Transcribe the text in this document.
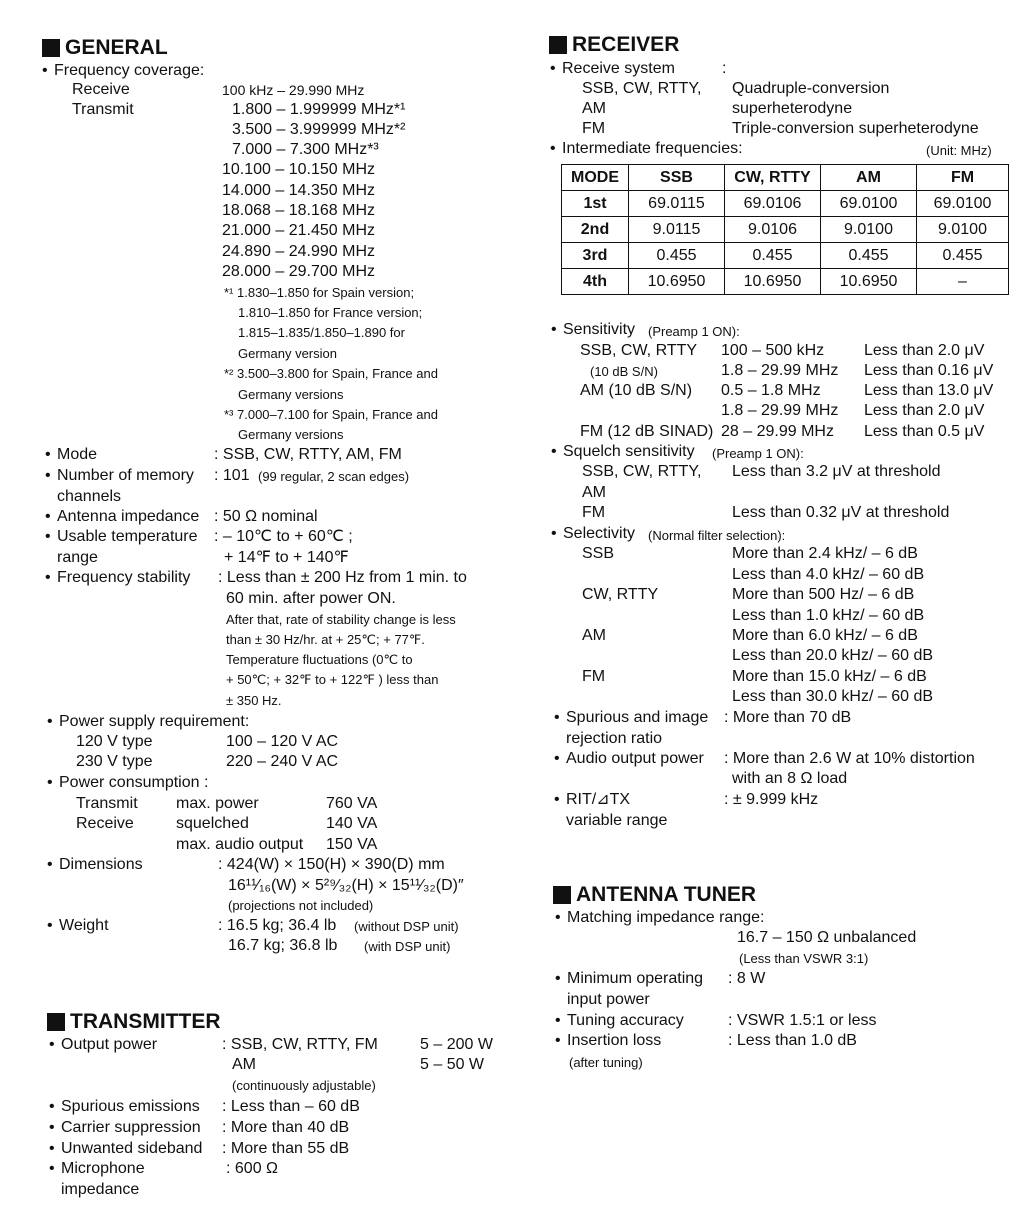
GENERAL
• Frequency coverage:
Receive	100 kHz – 29.990 MHz
Transmit	1.800 – 1.999999 MHz*¹
3.500 – 3.999999 MHz*²
7.000 – 7.300 MHz*³
10.100 – 10.150 MHz
14.000 – 14.350 MHz
18.068 – 18.168 MHz
21.000 – 21.450 MHz
24.890 – 24.990 MHz
28.000 – 29.700 MHz
*¹ 1.830–1.850 for Spain version;
1.810–1.850 for France version;
1.815–1.835/1.850–1.890 for
Germany version
*² 3.500–3.800 for Spain, France and
Germany versions
*³ 7.000–7.100 for Spain, France and
Germany versions
• Mode	: SSB, CW, RTTY, AM, FM
• Number of memory
channels
: 101 (99 regular, 2 scan edges)
• Antenna impedance : 50 Ω nominal
• Usable temperature
range
: – 10℃ to + 60℃ ;
+ 14℉ to + 140℉
• Frequency stability : Less than ± 200 Hz from 1 min. to
60 min. after power ON.
After that, rate of stability change is less
than ± 30 Hz/hr. at + 25℃; + 77℉.
Temperature fluctuations (0℃ to
+ 50℃; + 32℉ to + 122℉ ) less than
± 350 Hz.
• Power supply requirement:
120 V type	100 – 120 V AC
230 V type	220 – 240 V AC
• Power consumption :
Transmit max. power	760 VA
Receive	squelched	140 VA
max. audio output 150 VA
• Dimensions	: 424(W) × 150(H) × 390(D) mm
16¹¹⁄₁₆(W) × 5²⁹⁄₃₂(H) × 15¹¹⁄₃₂(D)″
(projections not included)
• Weight	: 16.5 kg; 36.4 lb (without DSP unit)
16.7 kg; 36.8 lb (with DSP unit)
TRANSMITTER
• Output power	: SSB, CW, RTTY, FM	5 – 200 W
AM	5 – 50 W
(continuously adjustable)
• Spurious emissions : Less than – 60 dB
• Carrier suppression : More than 40 dB
• Unwanted sideband : More than 55 dB
• Microphone
impedance
: 600 Ω
RECEIVER
• Receive system	:
SSB, CW, RTTY, Quadruple-conversion
AM	superheterodyne
FM	Triple-conversion superheterodyne
• Intermediate frequencies:	(Unit: MHz)
MODE	SSB	CW, RTTY	AM	FM
1st	69.0115	69.0106	69.0100	69.0100
2nd	9.0115	9.0106	9.0100	9.0100
3rd	0.455	0.455	0.455	0.455
4th	10.6950	10.6950	10.6950	–
• Sensitivity (Preamp 1 ON):
SSB, CW, RTTY 100 – 500 kHz Less than 2.0 μV
(10 dB S/N)	1.8 – 29.99 MHz Less than 0.16 μV
AM (10 dB S/N) 0.5 – 1.8 MHz	Less than 13.0 μV
1.8 – 29.99 MHz Less than 2.0 μV
FM (12 dB SINAD) 28 – 29.99 MHz Less than 0.5 μV
• Squelch sensitivity (Preamp 1 ON):
SSB, CW, RTTY,
AM
Less than 3.2 μV at threshold
FM	Less than 0.32 μV at threshold
• Selectivity (Normal filter selection):
SSB	More than 2.4 kHz/ – 6 dB
Less than 4.0 kHz/ – 60 dB
CW, RTTY	More than 500 Hz/ – 6 dB
Less than 1.0 kHz/ – 60 dB
AM	More than 6.0 kHz/ – 6 dB
Less than 20.0 kHz/ – 60 dB
FM	More than 15.0 kHz/ – 6 dB
Less than 30.0 kHz/ – 60 dB
• Spurious and image
rejection ratio
: More than 70 dB
• Audio output power : More than 2.6 W at 10% distortion
with an 8 Ω load
• RIT/⊿TX
variable range
: ± 9.999 kHz
ANTENNA TUNER
• Matching impedance range:
16.7 – 150 Ω unbalanced
(Less than VSWR 3:1)
• Minimum operating
input power
: 8 W
• Tuning accuracy	: VSWR 1.5:1 or less
• Insertion loss
(after tuning)
: Less than 1.0 dB
